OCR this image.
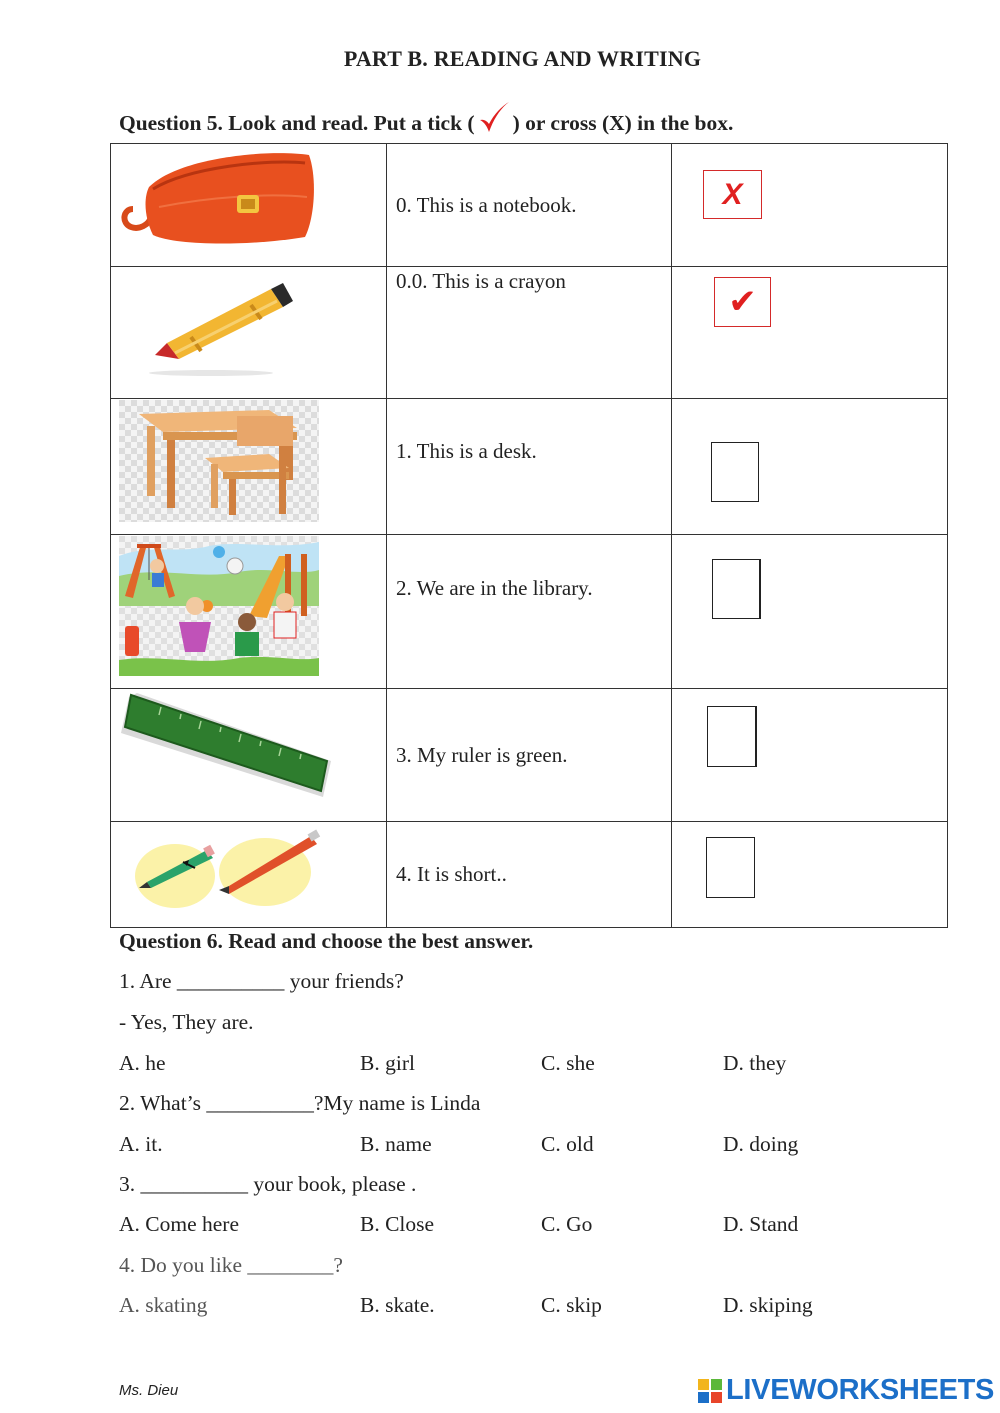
PART B. READING AND WRITING
Question 5. Look and read. Put a tick ( ) or cross (X) in the box.
	0. This is a notebook.	X

	0.0. This is a crayon	✔

	1. This is a desk.	

	2. We are in the library.	

	3. My ruler is green.	

	4. It is short..	
Question 6. Read and choose the best answer.
1. Are __________ your friends?
- Yes, They are.
A. he	B. girl	C. she	D. they
2. What’s __________?My name is Linda
A. it.	B. name	C. old	D. doing
3. __________ your book, please .
A. Come here	B. Close	C. Go	D. Stand
4. Do you like ________?
A. skating	B. skate.	C. skip	D. skiping
Ms. Dieu	LIVEWORKSHEETS
